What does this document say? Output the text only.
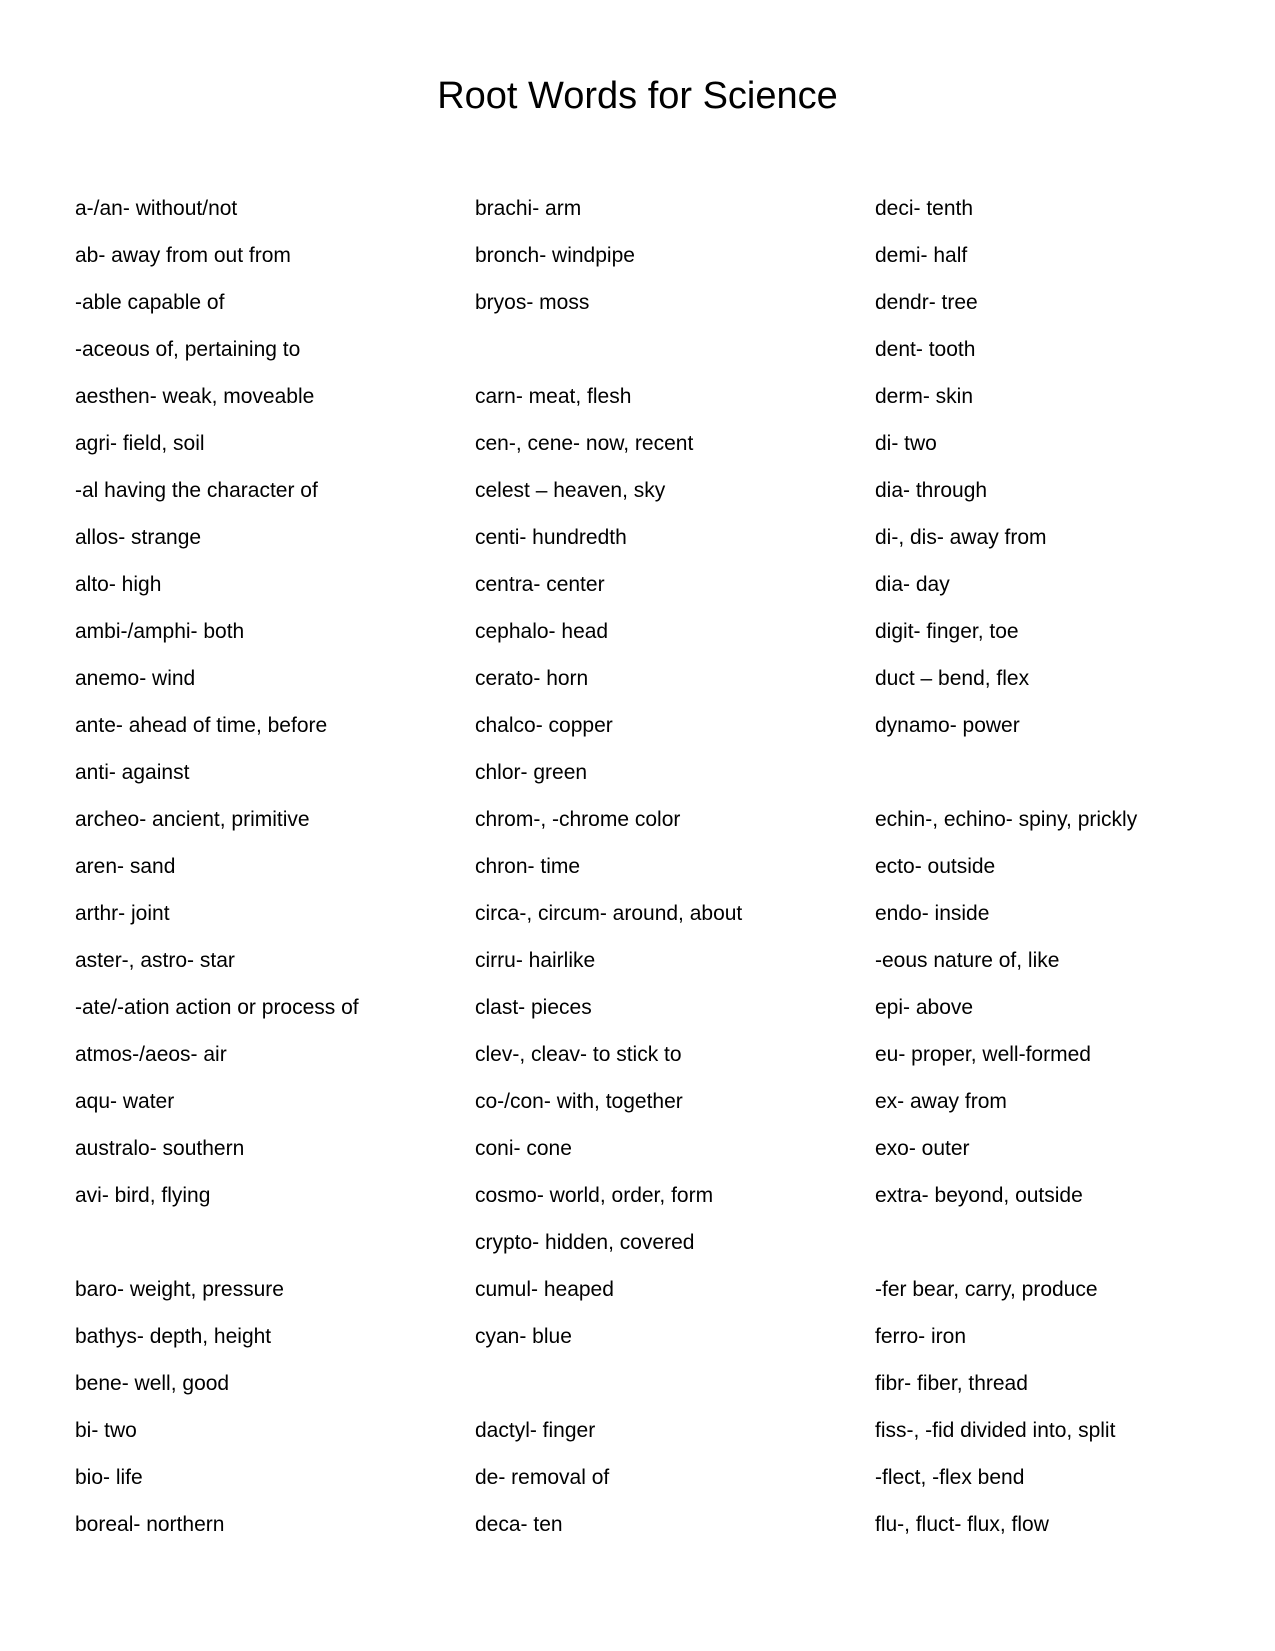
Root Words for Science
a-/an- without/not
ab- away from out from
-able capable of
-aceous of, pertaining to
aesthen- weak, moveable
agri- field, soil
-al having the character of
allos- strange
alto- high
ambi-/amphi- both
anemo- wind
ante- ahead of time, before
anti- against
archeo- ancient, primitive
aren- sand
arthr- joint
aster-, astro- star
-ate/-ation action or process of
atmos-/aeos- air
aqu- water
australo- southern
avi- bird, flying
baro- weight, pressure
bathys- depth, height
bene- well, good
bi- two
bio- life
boreal- northern
brachi- arm
bronch- windpipe
bryos- moss
carn- meat, flesh
cen-, cene- now, recent
celest – heaven, sky
centi- hundredth
centra- center
cephalo- head
cerato- horn
chalco- copper
chlor- green
chrom-, -chrome color
chron- time
circa-, circum- around, about
cirru- hairlike
clast- pieces
clev-, cleav- to stick to
co-/con- with, together
coni- cone
cosmo- world, order, form
crypto- hidden, covered
cumul- heaped
cyan- blue
dactyl- finger
de- removal of
deca- ten
deci- tenth
demi- half
dendr- tree
dent- tooth
derm- skin
di- two
dia- through
di-, dis- away from
dia- day
digit- finger, toe
duct – bend, flex
dynamo- power
echin-, echino- spiny, prickly
ecto- outside
endo- inside
-eous nature of, like
epi- above
eu- proper, well-formed
ex- away from
exo- outer
extra- beyond, outside
-fer bear, carry, produce
ferro- iron
fibr- fiber, thread
fiss-, -fid divided into, split
-flect, -flex bend
flu-, fluct- flux, flow
